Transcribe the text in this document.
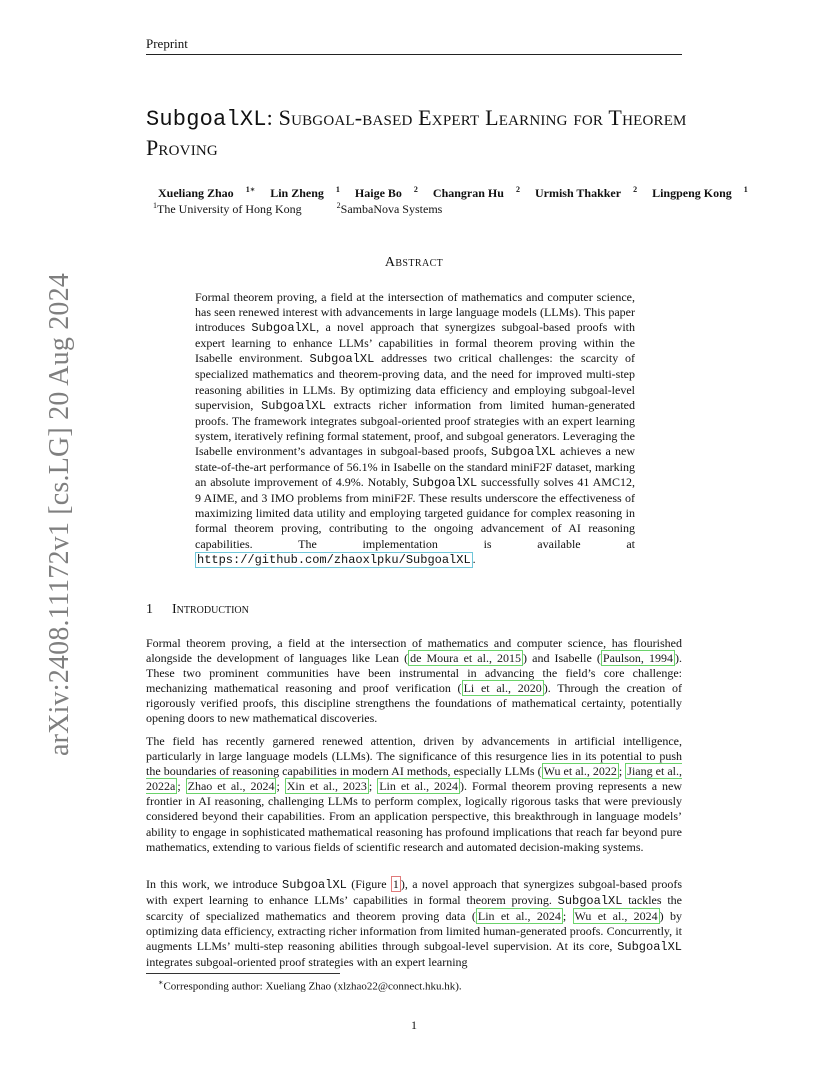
Preprint
arXiv:2408.11172v1 [cs.LG] 20 Aug 2024
SubgoalXL: Subgoal-based Expert Learning for Theorem Proving
Xueliang Zhao $^{1∗}$ Lin Zheng $^1$ Haige Bo $^2$ Changran Hu $^2$ Urmish Thakker $^2$ Lingpeng Kong $^1$
$^1$The University of Hong Kong	$^2$SambaNova Systems
Abstract
Formal theorem proving, a field at the intersection of mathematics and computer science, has seen renewed interest with advancements in large language models (LLMs). This paper introduces SubgoalXL, a novel approach that synergizes subgoal-based proofs with expert learning to enhance LLMs’ capabilities in formal theorem proving within the Isabelle environment. SubgoalXL addresses two critical challenges: the scarcity of specialized mathematics and theorem-proving data, and the need for improved multi-step reasoning abilities in LLMs. By optimizing data efficiency and employing subgoal-level supervision, SubgoalXL extracts richer information from limited human-generated proofs. The framework integrates subgoal-oriented proof strategies with an expert learning system, iteratively refining formal statement, proof, and subgoal generators. Leveraging the Isabelle environment’s advantages in subgoal-based proofs, SubgoalXL achieves a new state-of-the-art performance of 56.1% in Isabelle on the standard miniF2F dataset, marking an absolute improvement of 4.9%. Notably, SubgoalXL successfully solves 41 AMC12, 9 AIME, and 3 IMO problems from miniF2F. These results underscore the effectiveness of maximizing limited data utility and employing targeted guidance for complex reasoning in formal theorem proving, contributing to the ongoing advancement of AI reasoning capabilities. The implementation is available at https://github.com/zhaoxlpku/SubgoalXL .
1 Introduction

Formal theorem proving, a field at the intersection of mathematics and computer science, has flourished alongside the development of languages like Lean ( de Moura et al., 2015 ) and Isabelle ( Paulson, 1994 ). These two prominent communities have been instrumental in advancing the field’s core challenge: mechanizing mathematical reasoning and proof verification ( Li et al., 2020 ). Through the creation of rigorously verified proofs, this discipline strengthens the foundations of mathematical certainty, potentially opening doors to new mathematical discoveries.

The field has recently garnered renewed attention, driven by advancements in artificial intelligence, particularly in large language models (LLMs). The significance of this resurgence lies in its potential to push the boundaries of reasoning capabilities in modern AI methods, especially LLMs ( Wu et al., 2022 ; Jiang et al., 2022a ; Zhao et al., 2024 ; Xin et al., 2023 ; Lin et al., 2024 ). Formal theorem proving represents a new frontier in AI reasoning, challenging LLMs to perform complex, logically rigorous tasks that were previously considered beyond their capabilities. From an application perspective, this breakthrough in language models’ ability to engage in sophisticated mathematical reasoning has profound implications that reach far beyond pure mathematics, extending to various fields of scientific research and automated decision-making systems.

In this work, we introduce SubgoalXL (Figure 1 ), a novel approach that synergizes subgoal-based proofs with expert learning to enhance LLMs’ capabilities in formal theorem proving. SubgoalXL tackles the scarcity of specialized mathematics and theorem proving data ( Lin et al., 2024 ; Wu et al., 2024 ) by optimizing data efficiency, extracting richer information from limited human-generated proofs. Concurrently, it augments LLMs’ multi-step reasoning abilities through subgoal-level supervision. At its core, SubgoalXL integrates subgoal-oriented proof strategies with an expert learning

∗Corresponding author: Xueliang Zhao (xlzhao22@connect.hku.hk).
1
